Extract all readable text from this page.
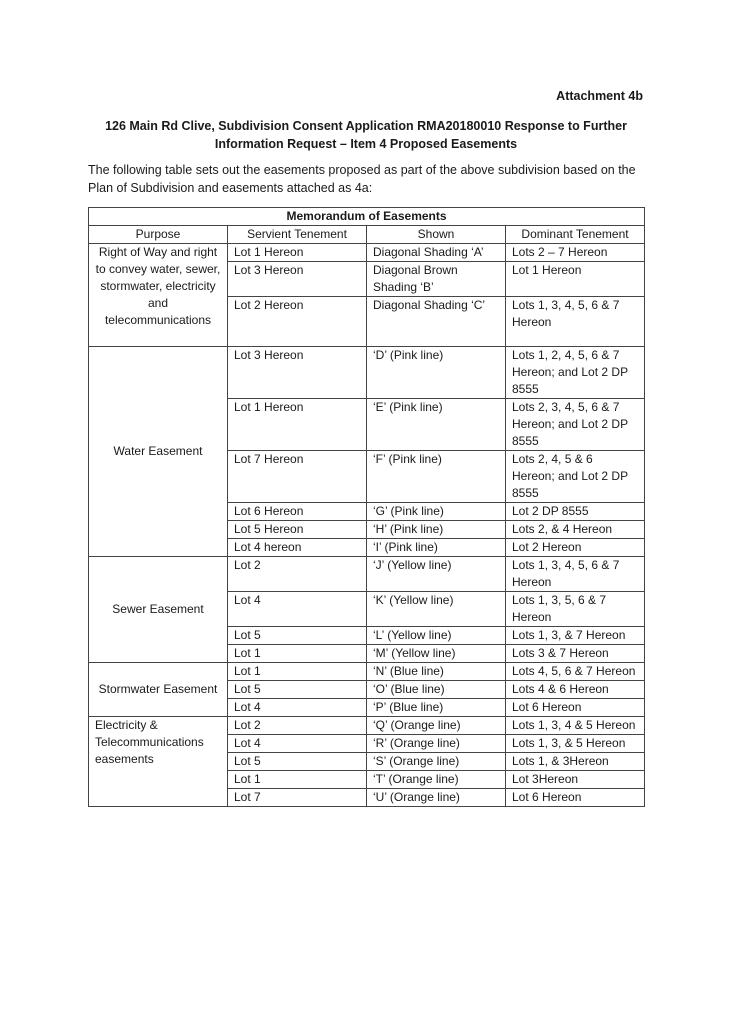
Attachment 4b
126 Main Rd Clive, Subdivision Consent Application RMA20180010 Response to Further
Information Request – Item 4 Proposed Easements
The following table sets out the easements proposed as part of the above subdivision based on the Plan of Subdivision and easements attached as 4a:
Memorandum of Easements			
Purpose	Servient Tenement	Shown	Dominant Tenement
Right of Way and right to convey water, sewer, stormwater, electricity and telecommunications	Lot 1 Hereon	Diagonal Shading ‘A’	Lots 2 – 7 Hereon
	Lot 3 Hereon	Diagonal Brown Shading ‘B’	Lot 1 Hereon
	Lot 2 Hereon	Diagonal Shading ‘C’	Lots 1, 3, 4, 5, 6 & 7 Hereon
Water Easement	Lot 3 Hereon	‘D’ (Pink line)	Lots 1, 2, 4, 5, 6 & 7 Hereon; and Lot 2 DP 8555
	Lot 1 Hereon	‘E’ (Pink line)	Lots 2, 3, 4, 5, 6 & 7 Hereon; and Lot 2 DP 8555
	Lot 7 Hereon	‘F’ (Pink line)	Lots 2, 4, 5 & 6 Hereon; and Lot 2 DP 8555
	Lot 6 Hereon	‘G’ (Pink line)	Lot 2 DP 8555
	Lot 5 Hereon	‘H’ (Pink line)	Lots 2, & 4 Hereon
	Lot 4 hereon	‘I’ (Pink line)	Lot 2 Hereon
Sewer Easement	Lot 2	‘J’ (Yellow line)	Lots 1, 3, 4, 5, 6 & 7 Hereon
	Lot 4	‘K’ (Yellow line)	Lots 1, 3, 5, 6 & 7 Hereon
	Lot 5	‘L’ (Yellow line)	Lots 1, 3, & 7 Hereon
	Lot 1	‘M’ (Yellow line)	Lots 3 & 7 Hereon
Stormwater Easement	Lot 1	‘N’ (Blue line)	Lots 4, 5, 6 & 7 Hereon
	Lot 5	‘O’ (Blue line)	Lots 4 & 6 Hereon
	Lot 4	‘P’ (Blue line)	Lot 6 Hereon
Electricity & Telecommunications easements	Lot 2	‘Q’ (Orange line)	Lots 1, 3, 4 & 5 Hereon
	Lot 4	‘R’ (Orange line)	Lots 1, 3, & 5 Hereon
	Lot 5	‘S’ (Orange line)	Lots 1, & 3Hereon
	Lot 1	‘T’ (Orange line)	Lot 3Hereon
	Lot 7	‘U’ (Orange line)	Lot 6 Hereon
